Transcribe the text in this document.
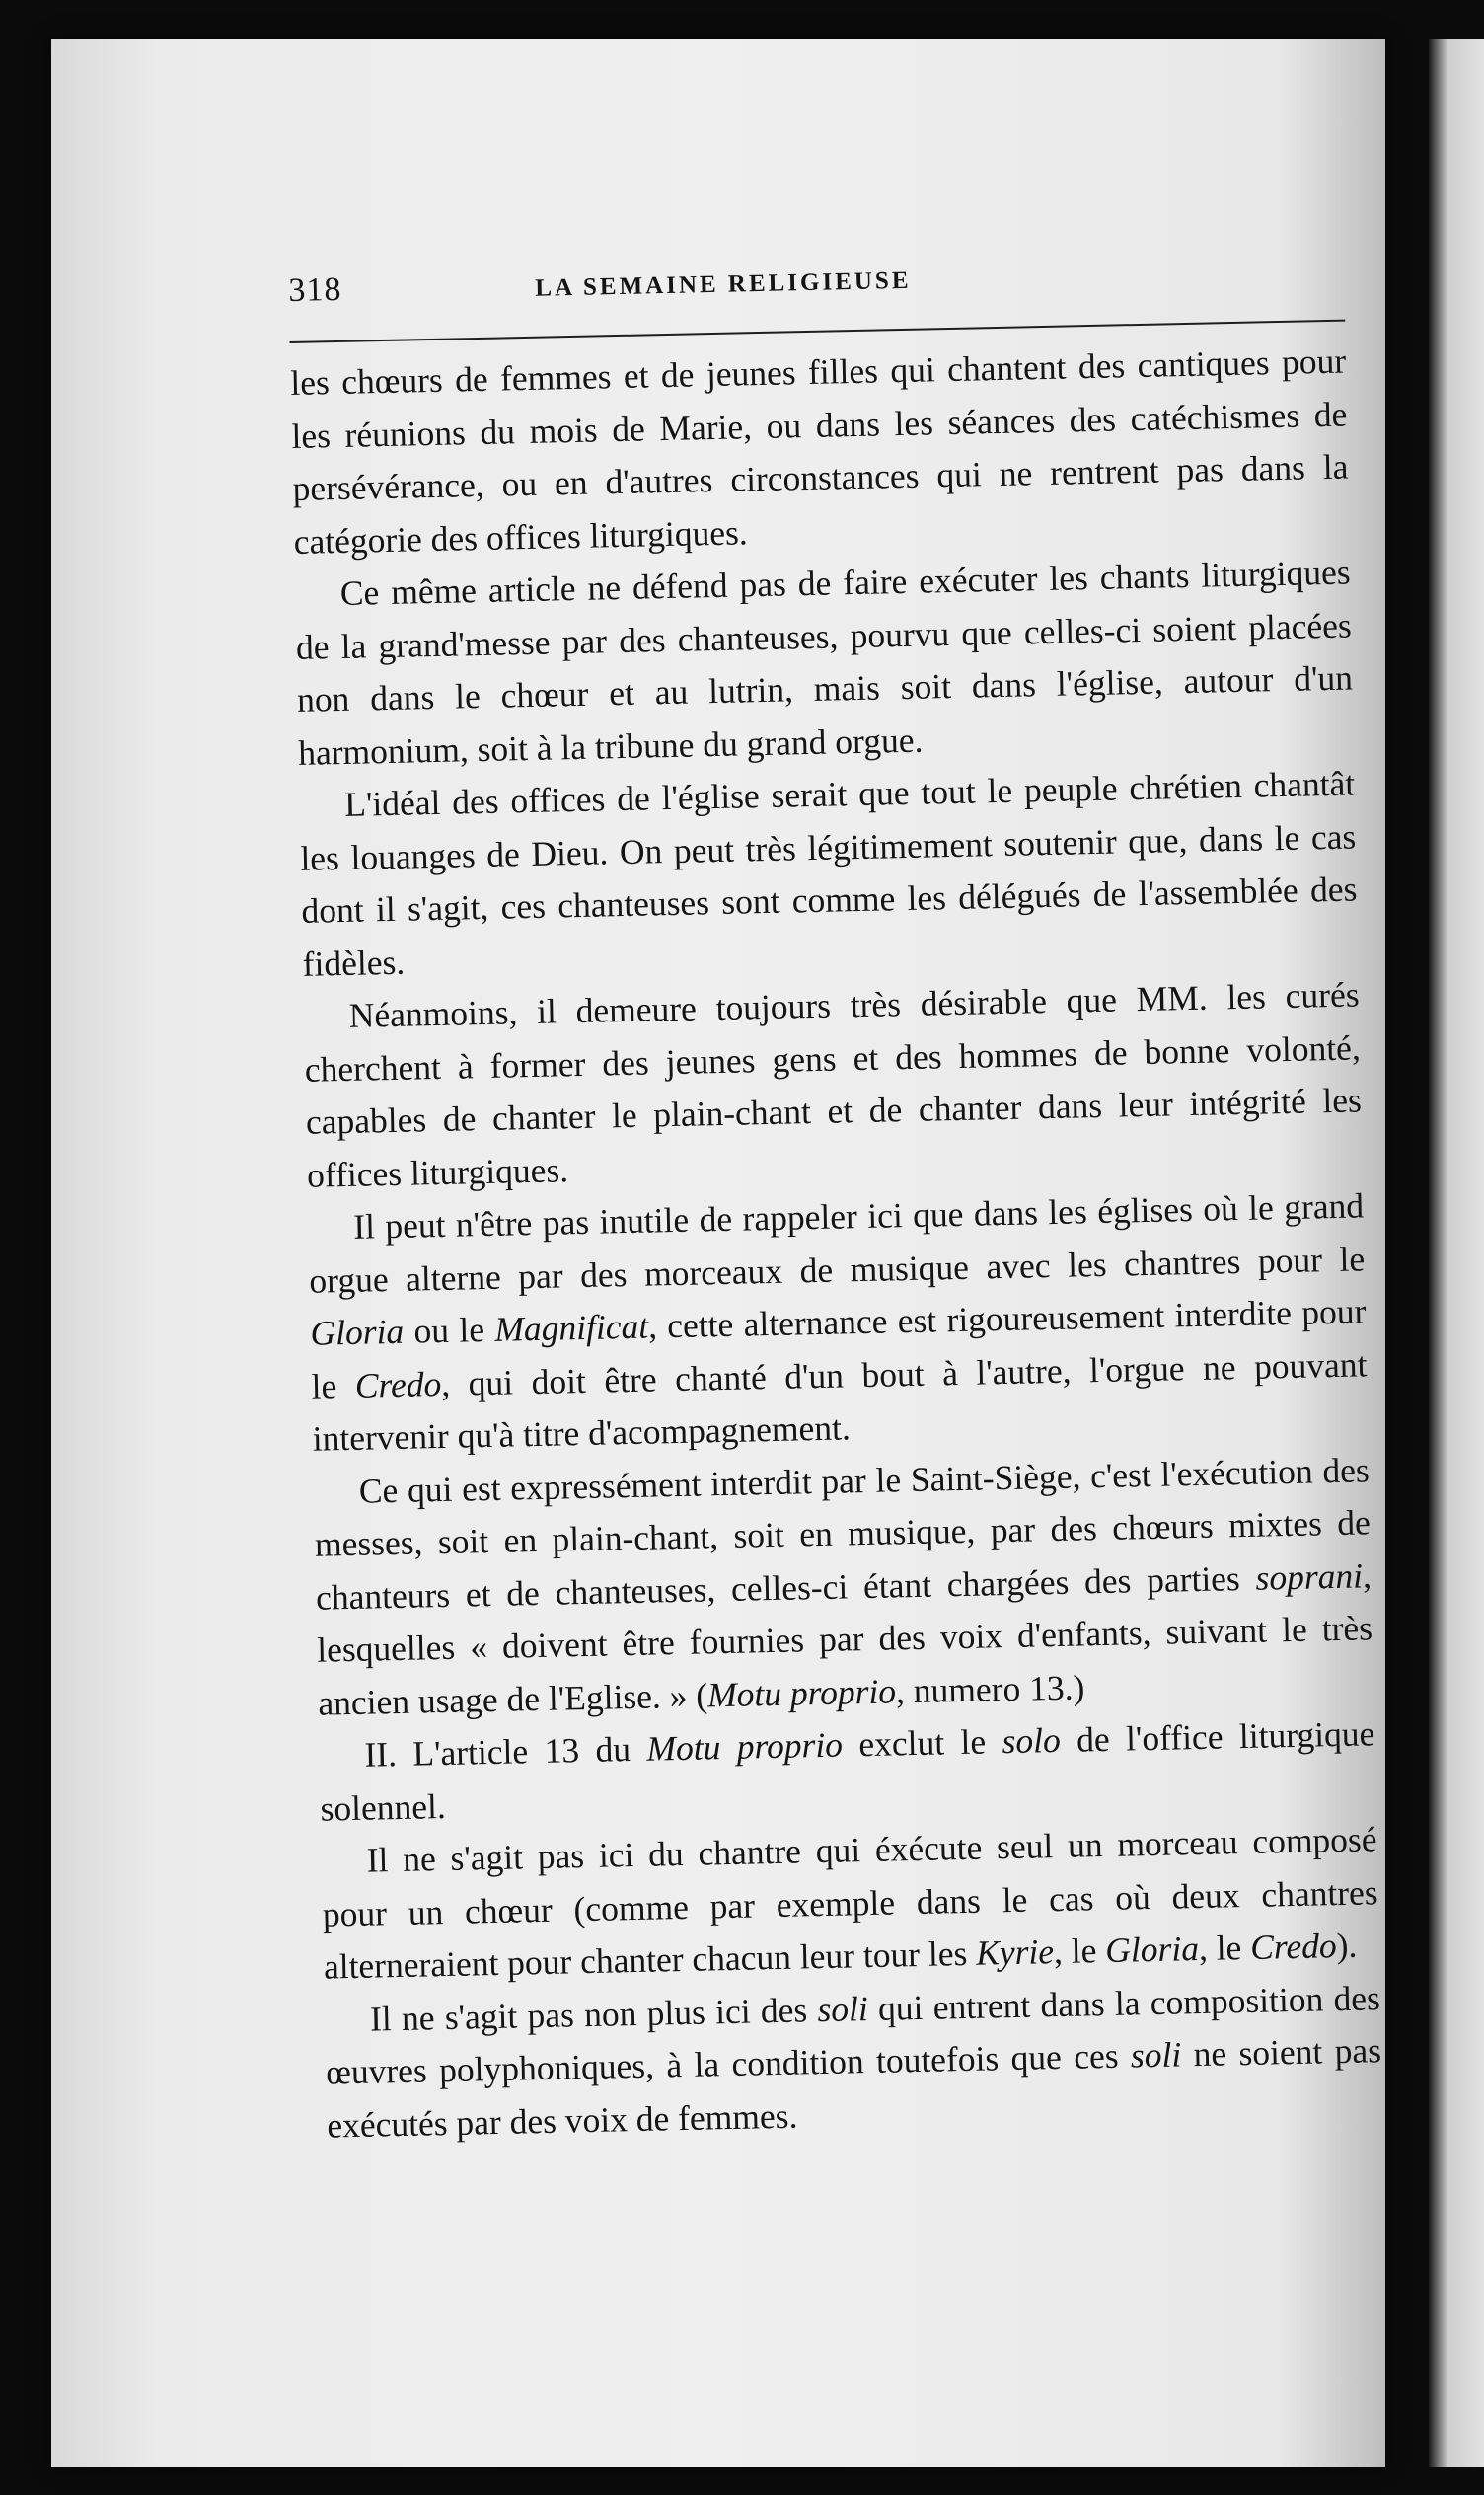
318	LA SEMAINE RELIGIEUSE

les chœurs de femmes et de jeunes filles qui chantent des cantiques pour les réunions du mois de Marie, ou dans les séances des catéchismes de persévérance, ou en d'autres circonstances qui ne rentrent pas dans la catégorie des offices liturgiques.

Ce même article ne défend pas de faire exécuter les chants liturgiques de la grand'messe par des chanteuses, pourvu que celles-ci soient placées non dans le chœur et au lutrin, mais soit dans l'église, autour d'un harmonium, soit à la tribune du grand orgue.

L'idéal des offices de l'église serait que tout le peuple chrétien chantât les louanges de Dieu. On peut très légitimement soutenir que, dans le cas dont il s'agit, ces chanteuses sont comme les délégués de l'assemblée des fidèles.

Néanmoins, il demeure toujours très désirable que MM. les curés cherchent à former des jeunes gens et des hommes de bonne volonté, capables de chanter le plain-chant et de chanter dans leur intégrité les offices liturgiques.

Il peut n'être pas inutile de rappeler ici que dans les églises où le grand orgue alterne par des morceaux de musique avec les chantres pour le Gloria ou le Magnificat, cette alternance est rigoureusement interdite pour le Credo, qui doit être chanté d'un bout à l'autre, l'orgue ne pouvant intervenir qu'à titre d'acompagnement.

Ce qui est expressément interdit par le Saint-Siège, c'est l'exécution des messes, soit en plain-chant, soit en musique, par des chœurs mixtes de chanteurs et de chanteuses, celles-ci étant chargées des parties soprani, lesquelles « doivent être fournies par des voix d'enfants, suivant le très ancien usage de l'Eglise. » (Motu proprio, numero 13.)

II. L'article 13 du Motu proprio exclut le solo de l'office liturgique solennel.

Il ne s'agit pas ici du chantre qui éxécute seul un morceau composé pour un chœur (comme par exemple dans le cas où deux chantres alterneraient pour chanter chacun leur tour les Kyrie, le Gloria, le Credo).

Il ne s'agit pas non plus ici des soli qui entrent dans la composition des œuvres polyphoniques, à la condition toutefois que ces soli ne soient pas exécutés par des voix de femmes.
